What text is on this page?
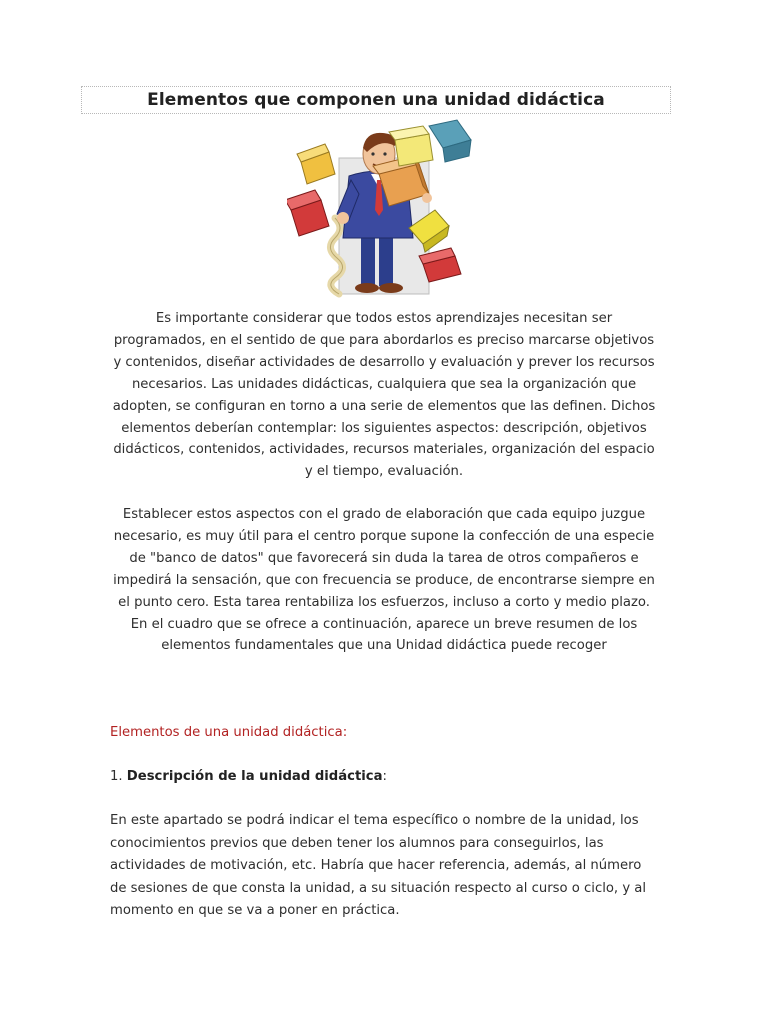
Elementos que componen una unidad didáctica

Es importante considerar que todos estos aprendizajes necesitan ser programados, en el sentido de que para abordarlos es preciso marcarse objetivos y contenidos, diseñar actividades de desarrollo y evaluación y prever los recursos necesarios. Las unidades didácticas, cualquiera que sea la organización que adopten, se configuran en torno a una serie de elementos que las definen. Dichos elementos deberían contemplar: los siguientes aspectos: descripción, objetivos didácticos, contenidos, actividades, recursos materiales, organización del espacio y el tiempo, evaluación.

Establecer estos aspectos con el grado de elaboración que cada equipo juzgue necesario, es muy útil para el centro porque supone la confección de una especie de "banco de datos" que favorecerá sin duda la tarea de otros compañeros e impedirá la sensación, que con frecuencia se produce, de encontrarse siempre en el punto cero. Esta tarea rentabiliza los esfuerzos, incluso a corto y medio plazo. En el cuadro que se ofrece a continuación, aparece un breve resumen de los elementos fundamentales que una Unidad didáctica puede recoger

Elementos de una unidad didáctica:

1. Descripción de la unidad didáctica:

En este apartado se podrá indicar el tema específico o nombre de la unidad, los conocimientos previos que deben tener los alumnos para conseguirlos, las actividades de motivación, etc. Habría que hacer referencia, además, al número de sesiones de que consta la unidad, a su situación respecto al curso o ciclo, y al momento en que se va a poner en práctica.
